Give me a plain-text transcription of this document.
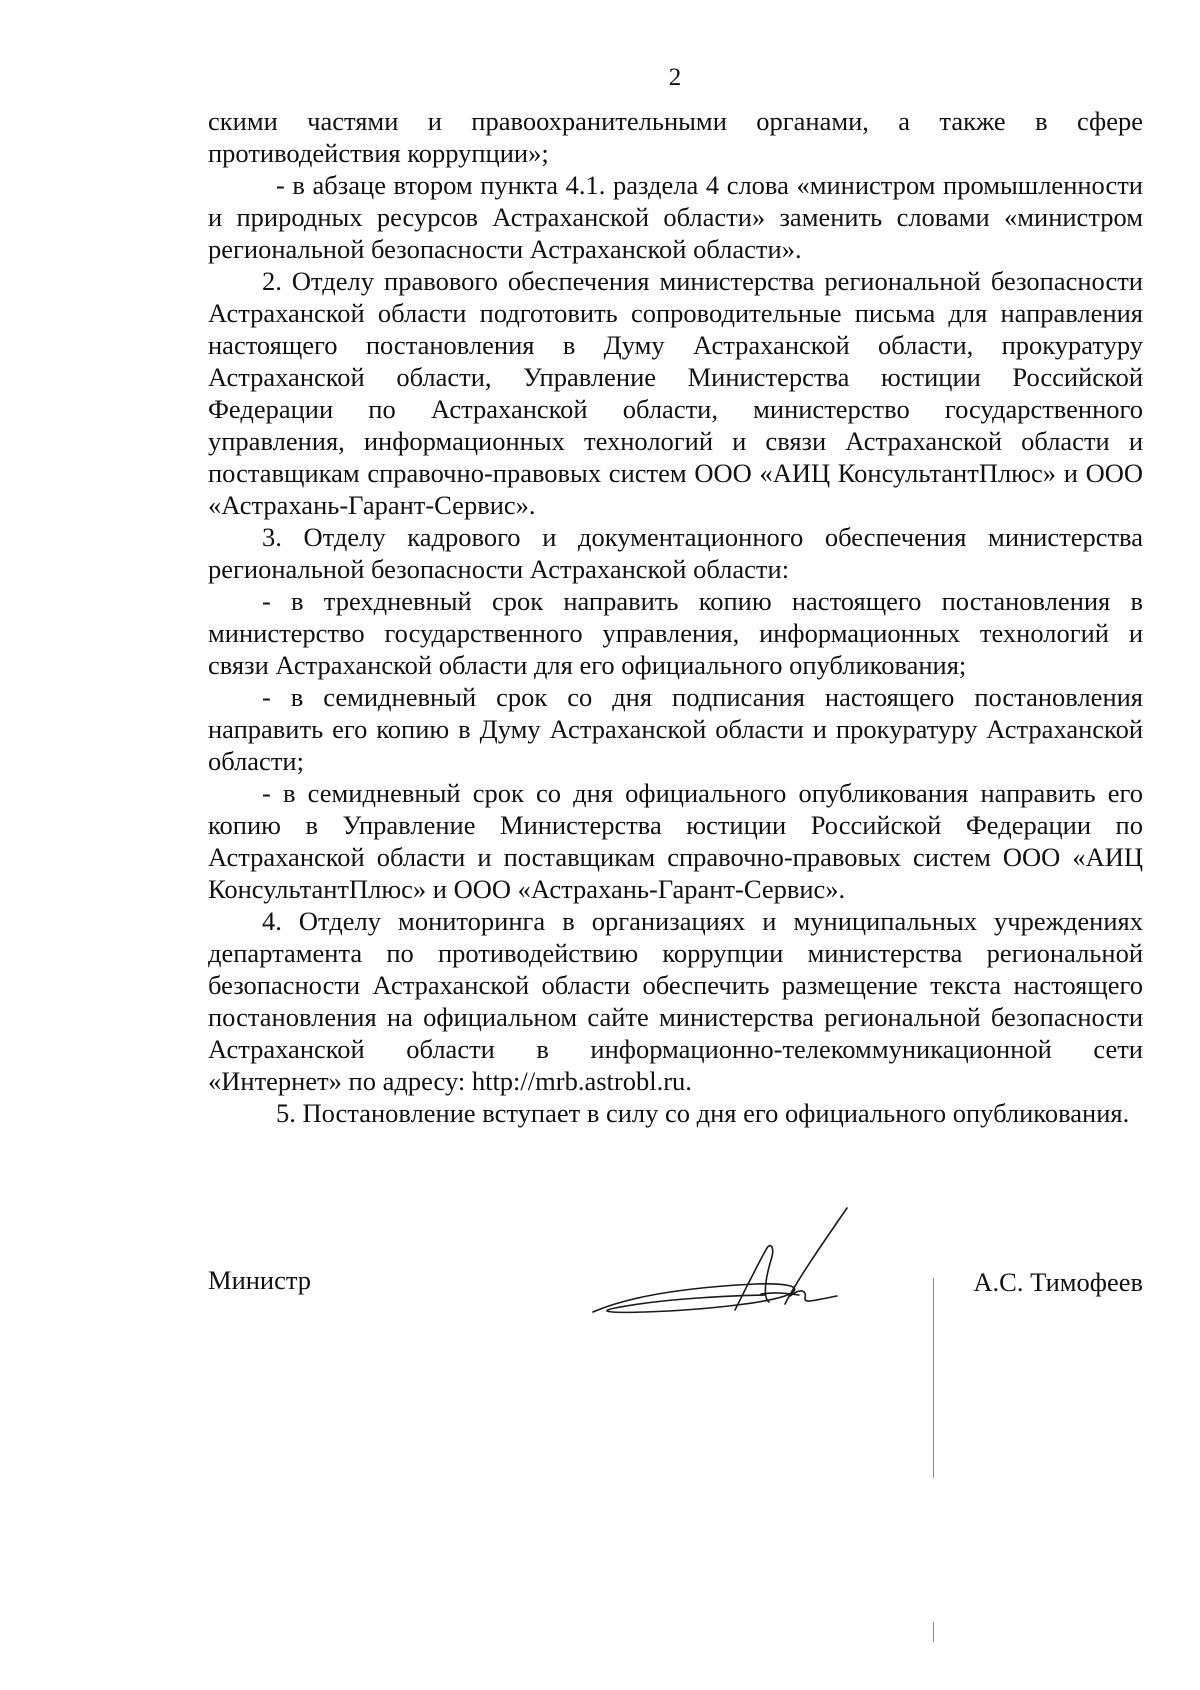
2

скими частями и правоохранительными органами, а также в сфере противодействия коррупции»;

- в абзаце втором пункта 4.1. раздела 4 слова «министром промышленности и природных ресурсов Астраханской области» заменить словами «министром региональной безопасности Астраханской области».

2. Отделу правового обеспечения министерства региональной безопасности Астраханской области подготовить сопроводительные письма для направления настоящего постановления в Думу Астраханской области, прокуратуру Астраханской области, Управление Министерства юстиции Российской Федерации по Астраханской области, министерство государственного управления, информационных технологий и связи Астраханской области и поставщикам справочно-правовых систем ООО «АИЦ КонсультантПлюс» и ООО «Астрахань-Гарант-Сервис».

3. Отделу кадрового и документационного обеспечения министерства региональной безопасности Астраханской области:

- в трехдневный срок направить копию настоящего постановления в министерство государственного управления, информационных технологий и связи Астраханской области для его официального опубликования;

- в семидневный срок со дня подписания настоящего постановления направить его копию в Думу Астраханской области и прокуратуру Астраханской области;

- в семидневный срок со дня официального опубликования направить его копию в Управление Министерства юстиции Российской Федерации по Астраханской области и поставщикам справочно-правовых систем ООО «АИЦ КонсультантПлюс» и ООО «Астрахань-Гарант-Сервис».

4. Отделу мониторинга в организациях и муниципальных учреждениях департамента по противодействию коррупции министерства региональной безопасности Астраханской области обеспечить размещение текста настоящего постановления на официальном сайте министерства региональной безопасности Астраханской области в информационно-телекоммуникационной сети «Интернет» по адресу: http://mrb.astrobl.ru.

5. Постановление вступает в силу со дня его официального опубликования.

Министр	А.С. Тимофеев
